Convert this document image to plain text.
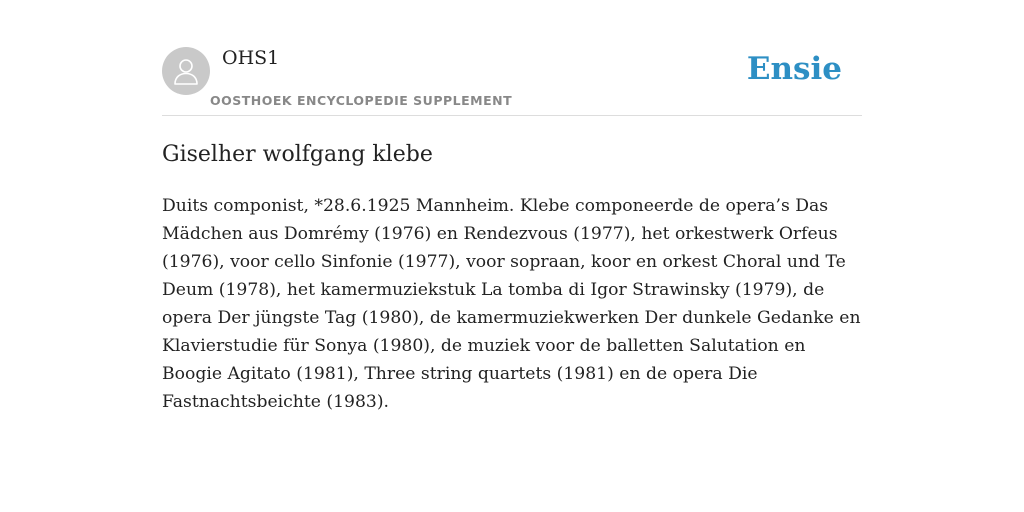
OHS1
OOSTHOEK ENCYCLOPEDIE SUPPLEMENT
Ensie
Giselher wolfgang klebe

Duits componist, *28.6.1925 Mannheim. Klebe componeerde de opera’s Das Mädchen aus Domrémy (1976) en Rendezvous (1977), het orkestwerk Orfeus (1976), voor cello Sinfonie (1977), voor sopraan, koor en orkest Choral und Te Deum (1978), het kamermuziekstuk La tomba di Igor Strawinsky (1979), de opera Der jüngste Tag (1980), de kamermuziekwerken Der dunkele Gedanke en Klavierstudie für Sonya (1980), de muziek voor de balletten Salutation en Boogie Agitato (1981), Three string quartets (1981) en de opera Die Fastnachtsbeichte (1983).
